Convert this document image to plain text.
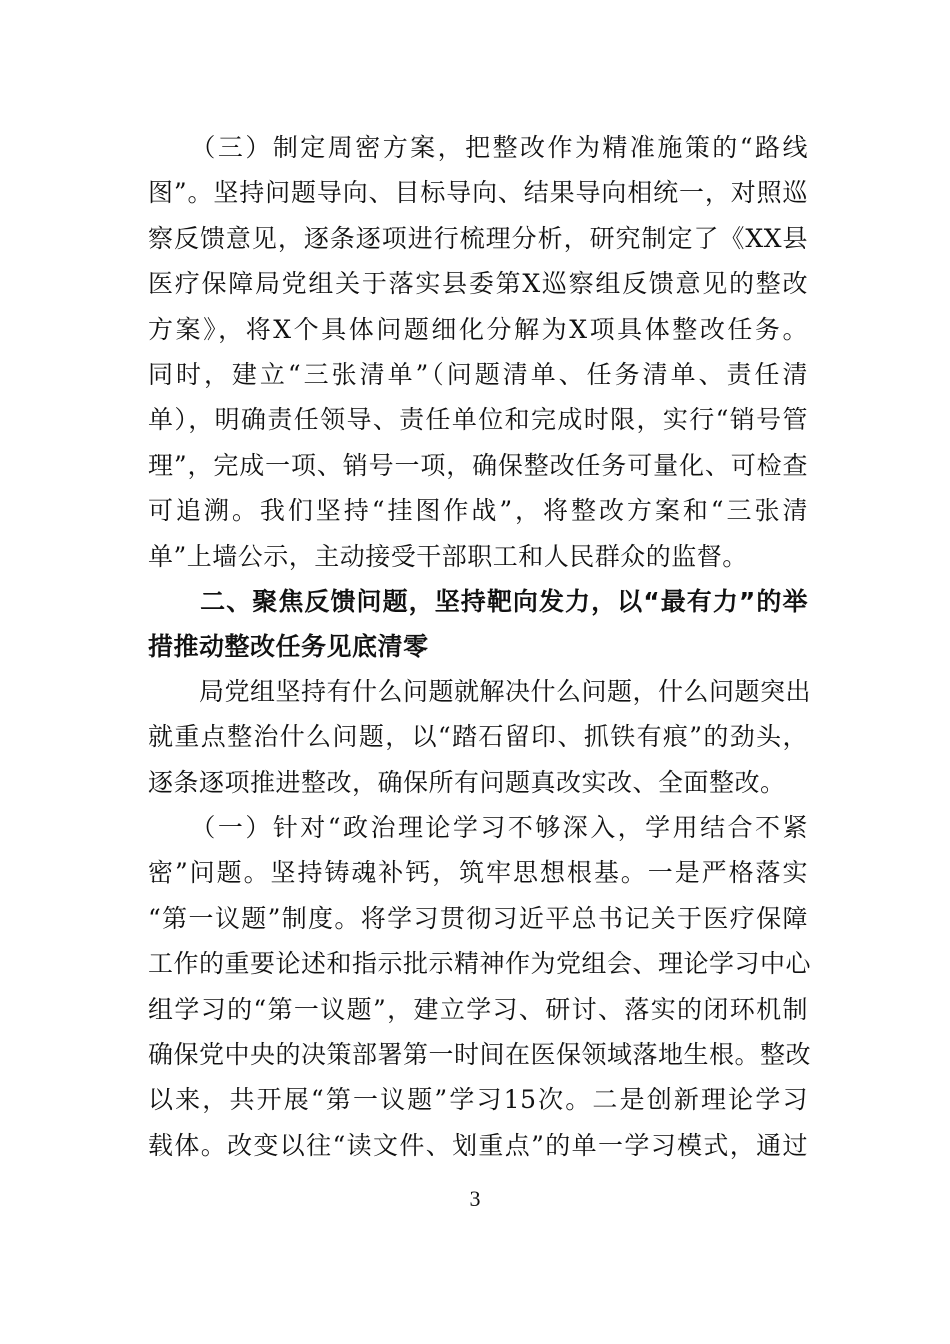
　　（三）制定周密方案，把整改作为精准施策的“路线
图”。坚持问题导向、目标导向、结果导向相统一，对照巡
察反馈意见，逐条逐项进行梳理分析，研究制定了《XX县
医疗保障局党组关于落实县委第X巡察组反馈意见的整改
方案》，将X个具体问题细化分解为X项具体整改任务。
同时，建立“三张清单”（问题清单、任务清单、责任清
单），明确责任领导、责任单位和完成时限，实行“销号管
理”，完成一项、销号一项，确保整改任务可量化、可检查
可追溯。我们坚持“挂图作战”，将整改方案和“三张清
单”上墙公示，主动接受干部职工和人民群众的监督。
　　二、聚焦反馈问题，坚持靶向发力，以“最有力”的举
措推动整改任务见底清零
　　局党组坚持有什么问题就解决什么问题，什么问题突出
就重点整治什么问题，以“踏石留印、抓铁有痕”的劲头，
逐条逐项推进整改，确保所有问题真改实改、全面整改。
　　（一）针对“政治理论学习不够深入，学用结合不紧
密”问题。坚持铸魂补钙，筑牢思想根基。一是严格落实
“第一议题”制度。将学习贯彻习近平总书记关于医疗保障
工作的重要论述和指示批示精神作为党组会、理论学习中心
组学习的“第一议题”，建立学习、研讨、落实的闭环机制
确保党中央的决策部署第一时间在医保领域落地生根。整改
以来，共开展“第一议题”学习15次。二是创新理论学习
载体。改变以往“读文件、划重点”的单一学习模式，通过
3
